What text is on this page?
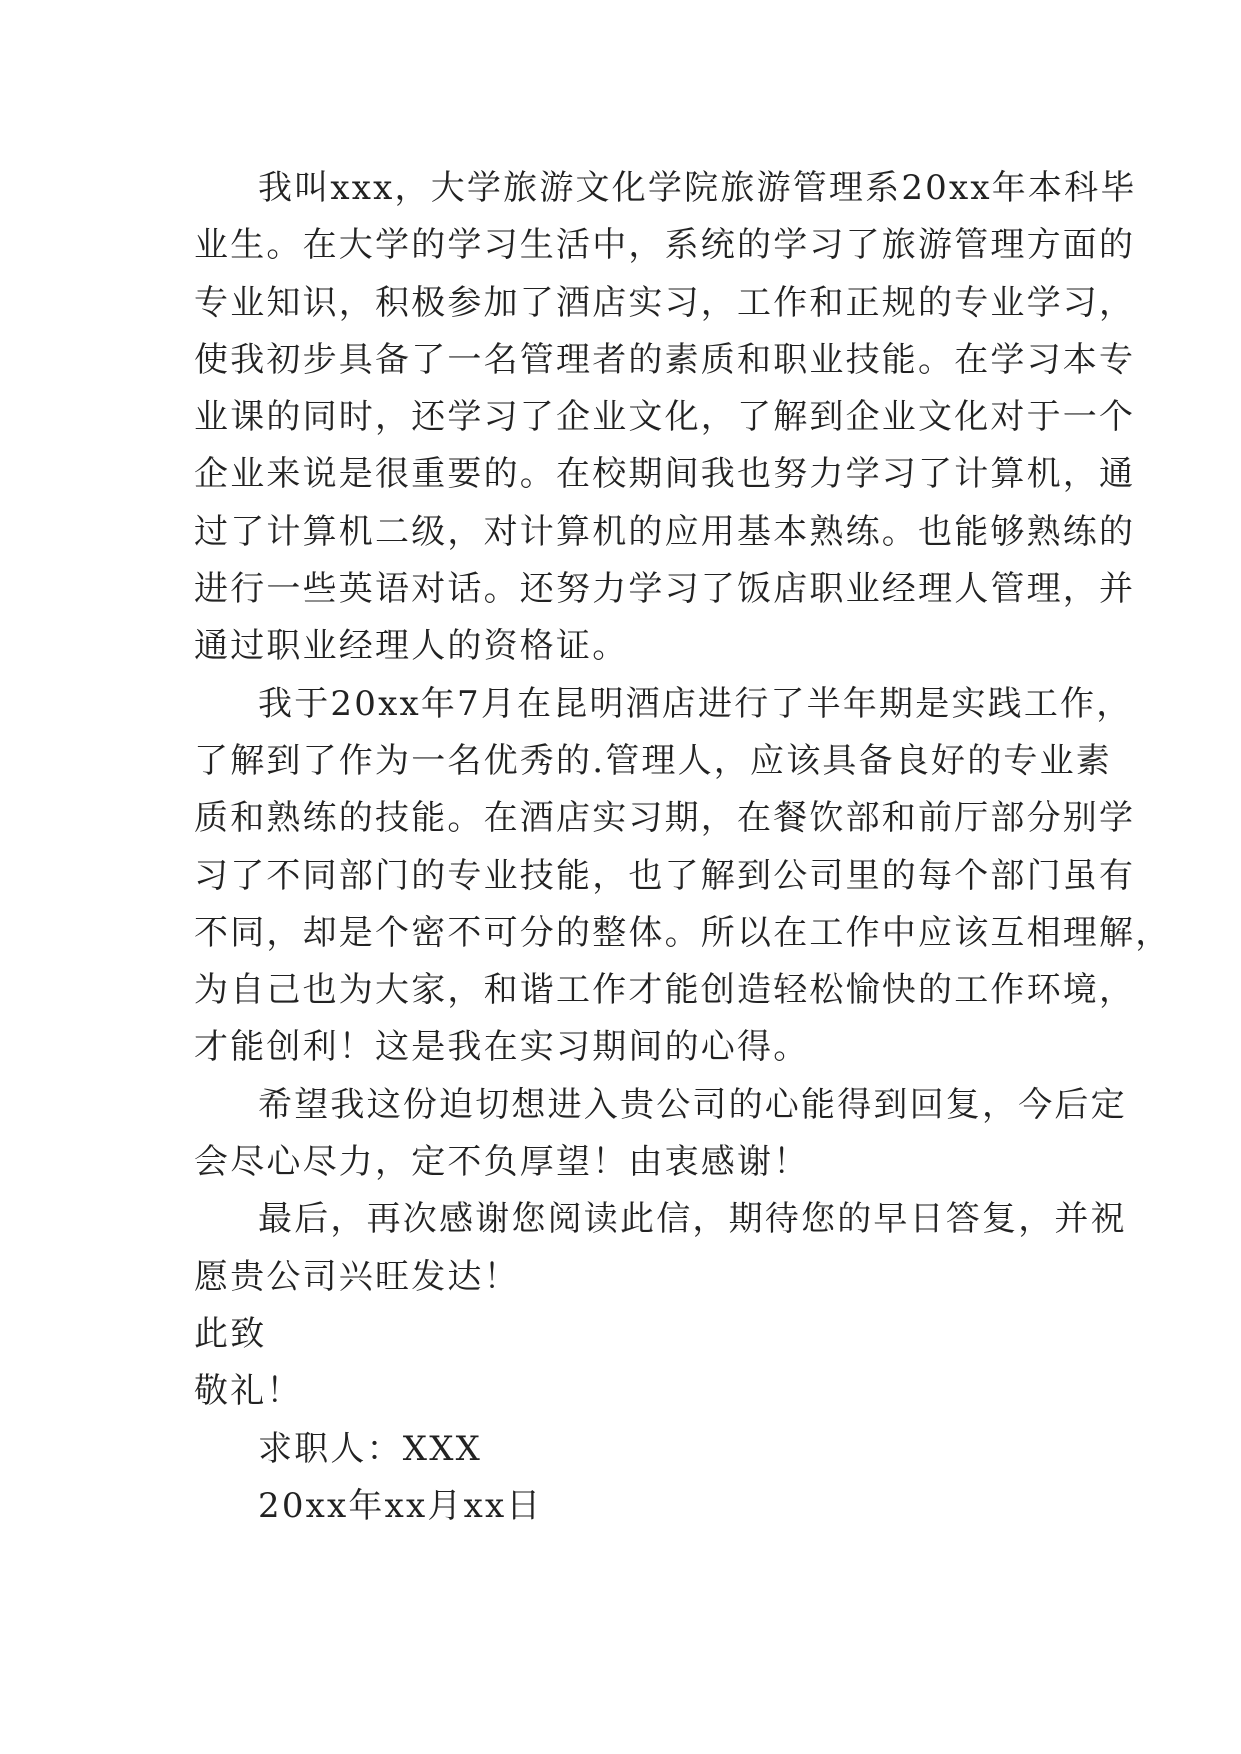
我叫xxx，大学旅游文化学院旅游管理系20xx年本科毕
业生。在大学的学习生活中，系统的学习了旅游管理方面的
专业知识，积极参加了酒店实习，工作和正规的专业学习，
使我初步具备了一名管理者的素质和职业技能。在学习本专
业课的同时，还学习了企业文化，了解到企业文化对于一个
企业来说是很重要的。在校期间我也努力学习了计算机，通
过了计算机二级，对计算机的应用基本熟练。也能够熟练的
进行一些英语对话。还努力学习了饭店职业经理人管理，并
通过职业经理人的资格证。
我于20xx年7月在昆明酒店进行了半年期是实践工作，
了解到了作为一名优秀的.管理人，应该具备良好的专业素
质和熟练的技能。在酒店实习期，在餐饮部和前厅部分别学
习了不同部门的专业技能，也了解到公司里的每个部门虽有
不同，却是个密不可分的整体。所以在工作中应该互相理解，
为自己也为大家，和谐工作才能创造轻松愉快的工作环境，
才能创利！这是我在实习期间的心得。
希望我这份迫切想进入贵公司的心能得到回复，今后定
会尽心尽力，定不负厚望！由衷感谢！
最后，再次感谢您阅读此信，期待您的早日答复，并祝
愿贵公司兴旺发达！
此致
敬礼！
求职人：XXX
20xx年xx月xx日
